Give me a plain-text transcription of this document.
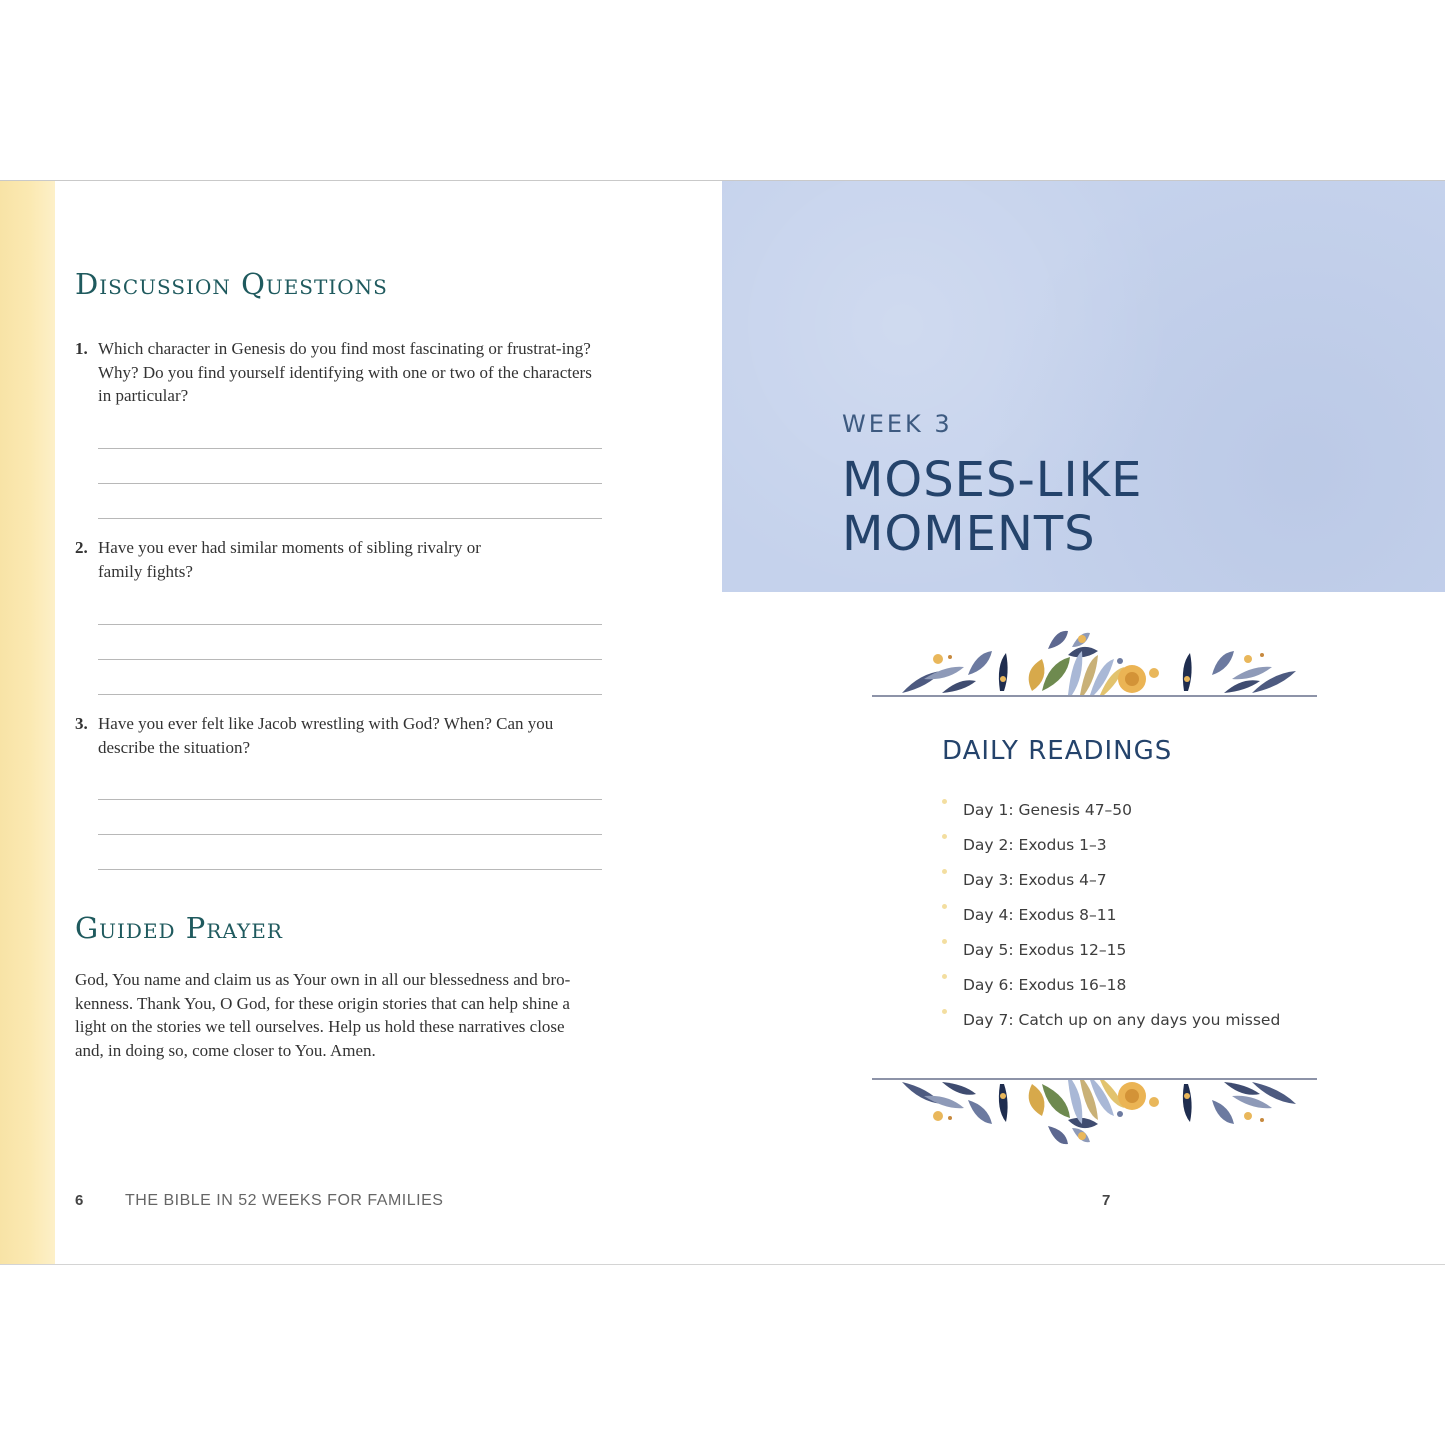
Discussion Questions
1. Which character in Genesis do you find most fascinating or frustrat-ing? Why? Do you find yourself identifying with one or two of the characters in particular?
2. Have you ever had similar moments of sibling rivalry or family fights?
3. Have you ever felt like Jacob wrestling with God? When? Can you describe the situation?
Guided Prayer

God, You name and claim us as Your own in all our blessedness and bro-kenness. Thank You, O God, for these origin stories that can help shine a light on the stories we tell ourselves. Help us hold these narratives close and, in doing so, come closer to You. Amen.

6	THE BIBLE IN 52 WEEKS FOR FAMILIES
WEEK 3
MOSES-LIKE
MOMENTS
DAILY READINGS
Day 1: Genesis 47–50
Day 2: Exodus 1–3
Day 3: Exodus 4–7
Day 4: Exodus 8–11
Day 5: Exodus 12–15
Day 6: Exodus 16–18
Day 7: Catch up on any days you missed
7
